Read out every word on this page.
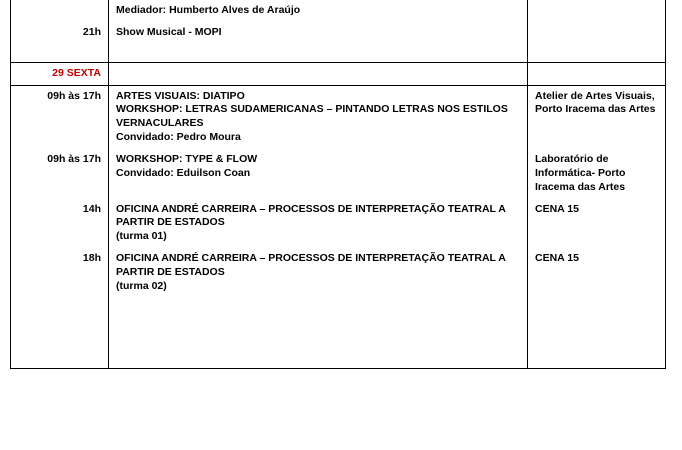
	Mediador: Humberto Alves de Araújo	

21h	Show Musical - MOPI	

29 SEXTA		

09h às 17h	ARTES VISUAIS: DIATIPO
WORKSHOP: LETRAS SUDAMERICANAS – PINTANDO LETRAS NOS ESTILOS VERNACULARES
Convidado: Pedro Moura	Atelier de Artes Visuais, Porto Iracema das Artes

09h às 17h	WORKSHOP: TYPE & FLOW
Convidado: Eduilson Coan	Laboratório de Informática- Porto Iracema das Artes

14h	OFICINA ANDRÉ CARREIRA – PROCESSOS DE INTERPRETAÇÃO TEATRAL A PARTIR DE ESTADOS
(turma 01)	CENA 15

18h	OFICINA ANDRÉ CARREIRA – PROCESSOS DE INTERPRETAÇÃO TEATRAL A PARTIR DE ESTADOS
(turma 02)	CENA 15
